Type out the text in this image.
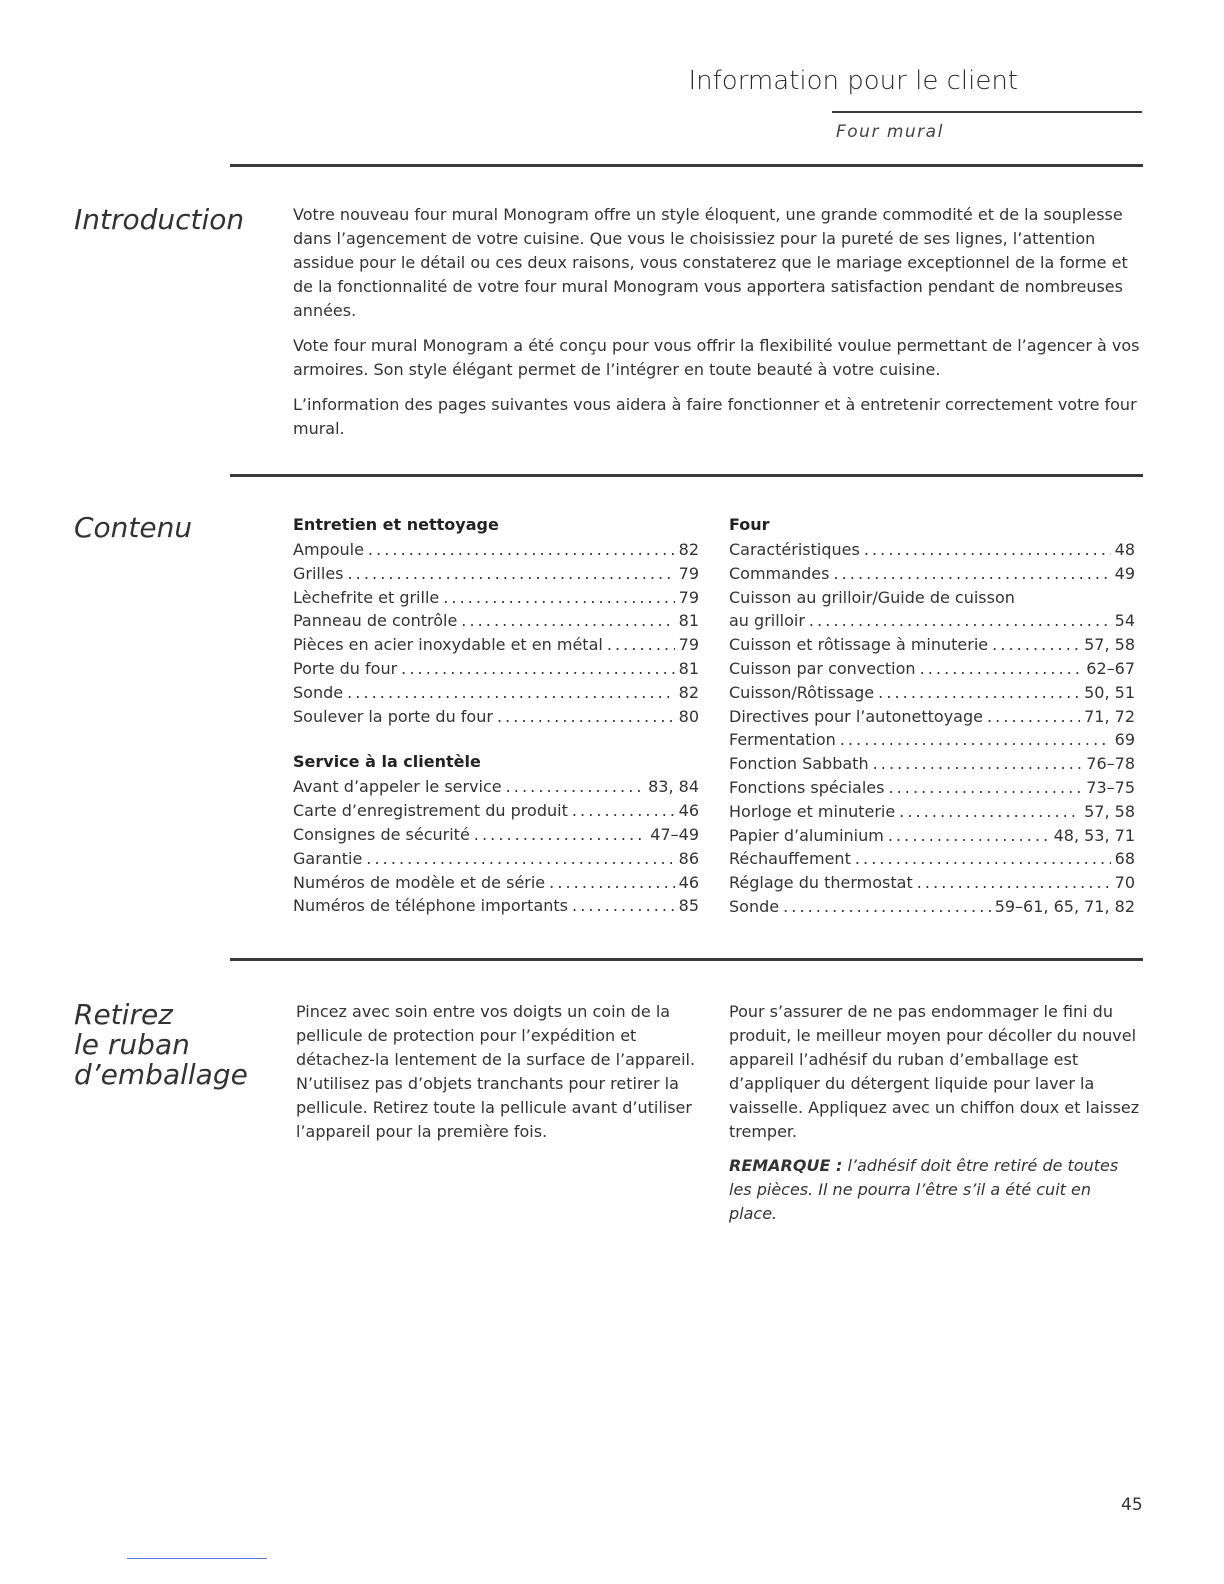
Information pour le client
Four mural
Introduction	Votre nouveau four mural Monogram offre un style éloquent, une grande commodité et de la souplesse dans l’agencement de votre cuisine. Que vous le choisissiez pour la pureté de ses lignes, l’attention assidue pour le détail ou ces deux raisons, vous constaterez que le mariage exceptionnel de la forme et de la fonctionnalité de votre four mural Monogram vous apportera satisfaction pendant de nombreuses années.

Vote four mural Monogram a été conçu pour vous offrir la flexibilité voulue permettant de l’agencer à vos armoires. Son style élégant permet de l’intégrer en toute beauté à votre cuisine.

L’information des pages suivantes vous aidera à faire fonctionner et à entretenir correctement votre four mural.

Contenu	Entretien et nettoyage
Ampoule . . .	82
Grilles . . .	79
Lèchefrite et grille . . .	79
Panneau de contrôle . . .	81
Pièces en acier inoxydable et en métal . . .	79
Porte du four . . .	81
Sonde . . .	82
Soulever la porte du four . . .	80
Service à la clientèle
Avant d’appeler le service . . .	83, 84
Carte d’enregistrement du produit . . .	46
Consignes de sécurité . . .	47–49
Garantie . . .	86
Numéros de modèle et de série . . .	46
Numéros de téléphone importants . . .	85
Four
Caractéristiques . . .	48
Commandes . . .	49
Cuisson au grilloir/Guide de cuisson
au grilloir . . .	54
Cuisson et rôtissage à minuterie . . .	57, 58
Cuisson par convection . . .	62–67
Cuisson/Rôtissage . . .	50, 51
Directives pour l’autonettoyage . . .	71, 72
Fermentation . . .	69
Fonction Sabbath . . .	76–78
Fonctions spéciales . . .	73–75
Horloge et minuterie . . .	57, 58
Papier d’aluminium . . .	48, 53, 71
Réchauffement . . .	68
Réglage du thermostat . . .	70
Sonde . . .	59–61, 65, 71, 82
Retirez
le ruban
d’emballage

Pincez avec soin entre vos doigts un coin de la pellicule de protection pour l’expédition et détachez-la lentement de la surface de l’appareil. N’utilisez pas d’objets tranchants pour retirer la pellicule. Retirez toute la pellicule avant d’utiliser l’appareil pour la première fois.

Pour s’assurer de ne pas endommager le fini du produit, le meilleur moyen pour décoller du nouvel appareil l’adhésif du ruban d’emballage est d’appliquer du détergent liquide pour laver la vaisselle. Appliquez avec un chiffon doux et laissez tremper.

REMARQUE : l’adhésif doit être retiré de toutes les pièces. Il ne pourra l’être s’il a été cuit en place.

45
